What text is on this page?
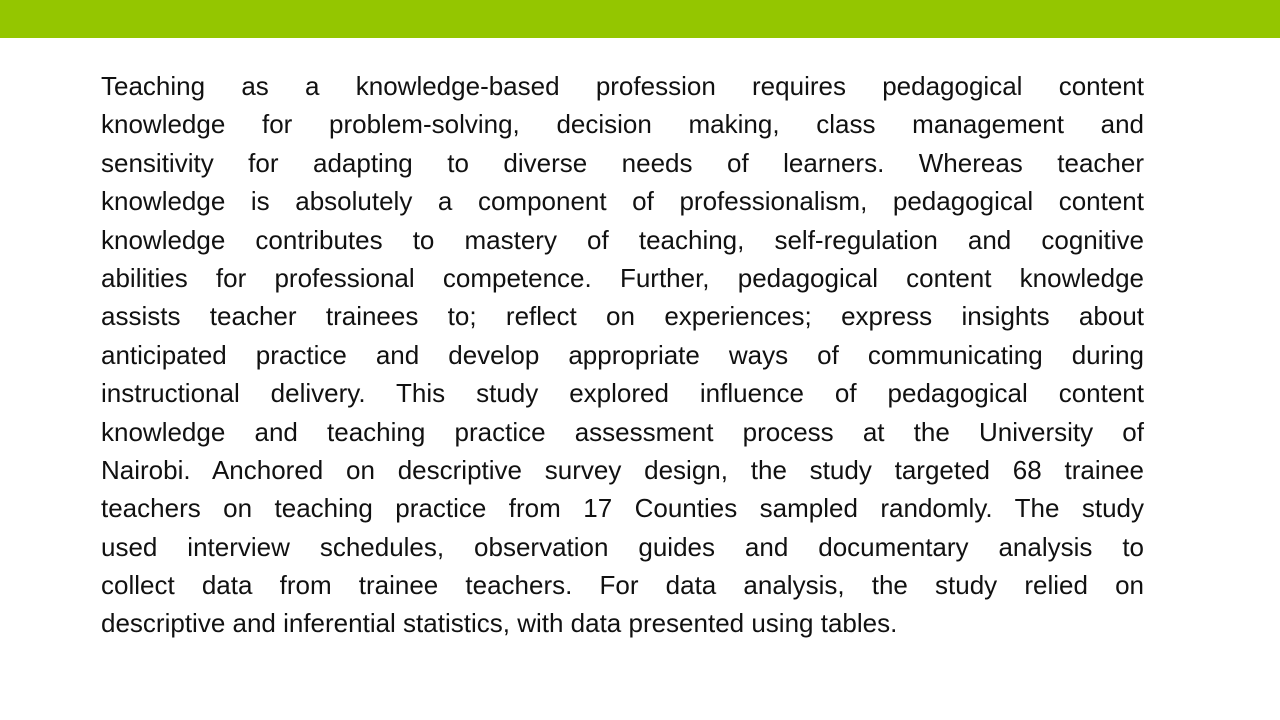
Teaching as a knowledge-based profession requires pedagogical content
knowledge for problem-solving, decision making, class management and
sensitivity for adapting to diverse needs of learners. Whereas teacher
knowledge is absolutely a component of professionalism, pedagogical content
knowledge contributes to mastery of teaching, self-regulation and cognitive
abilities for professional competence. Further, pedagogical content knowledge
assists teacher trainees to; reflect on experiences; express insights about
anticipated practice and develop appropriate ways of communicating during
instructional delivery. This study explored influence of pedagogical content
knowledge and teaching practice assessment process at the University of
Nairobi. Anchored on descriptive survey design, the study targeted 68 trainee
teachers on teaching practice from 17 Counties sampled randomly. The study
used interview schedules, observation guides and documentary analysis to
collect data from trainee teachers. For data analysis, the study relied on
descriptive and inferential statistics, with data presented using tables.
